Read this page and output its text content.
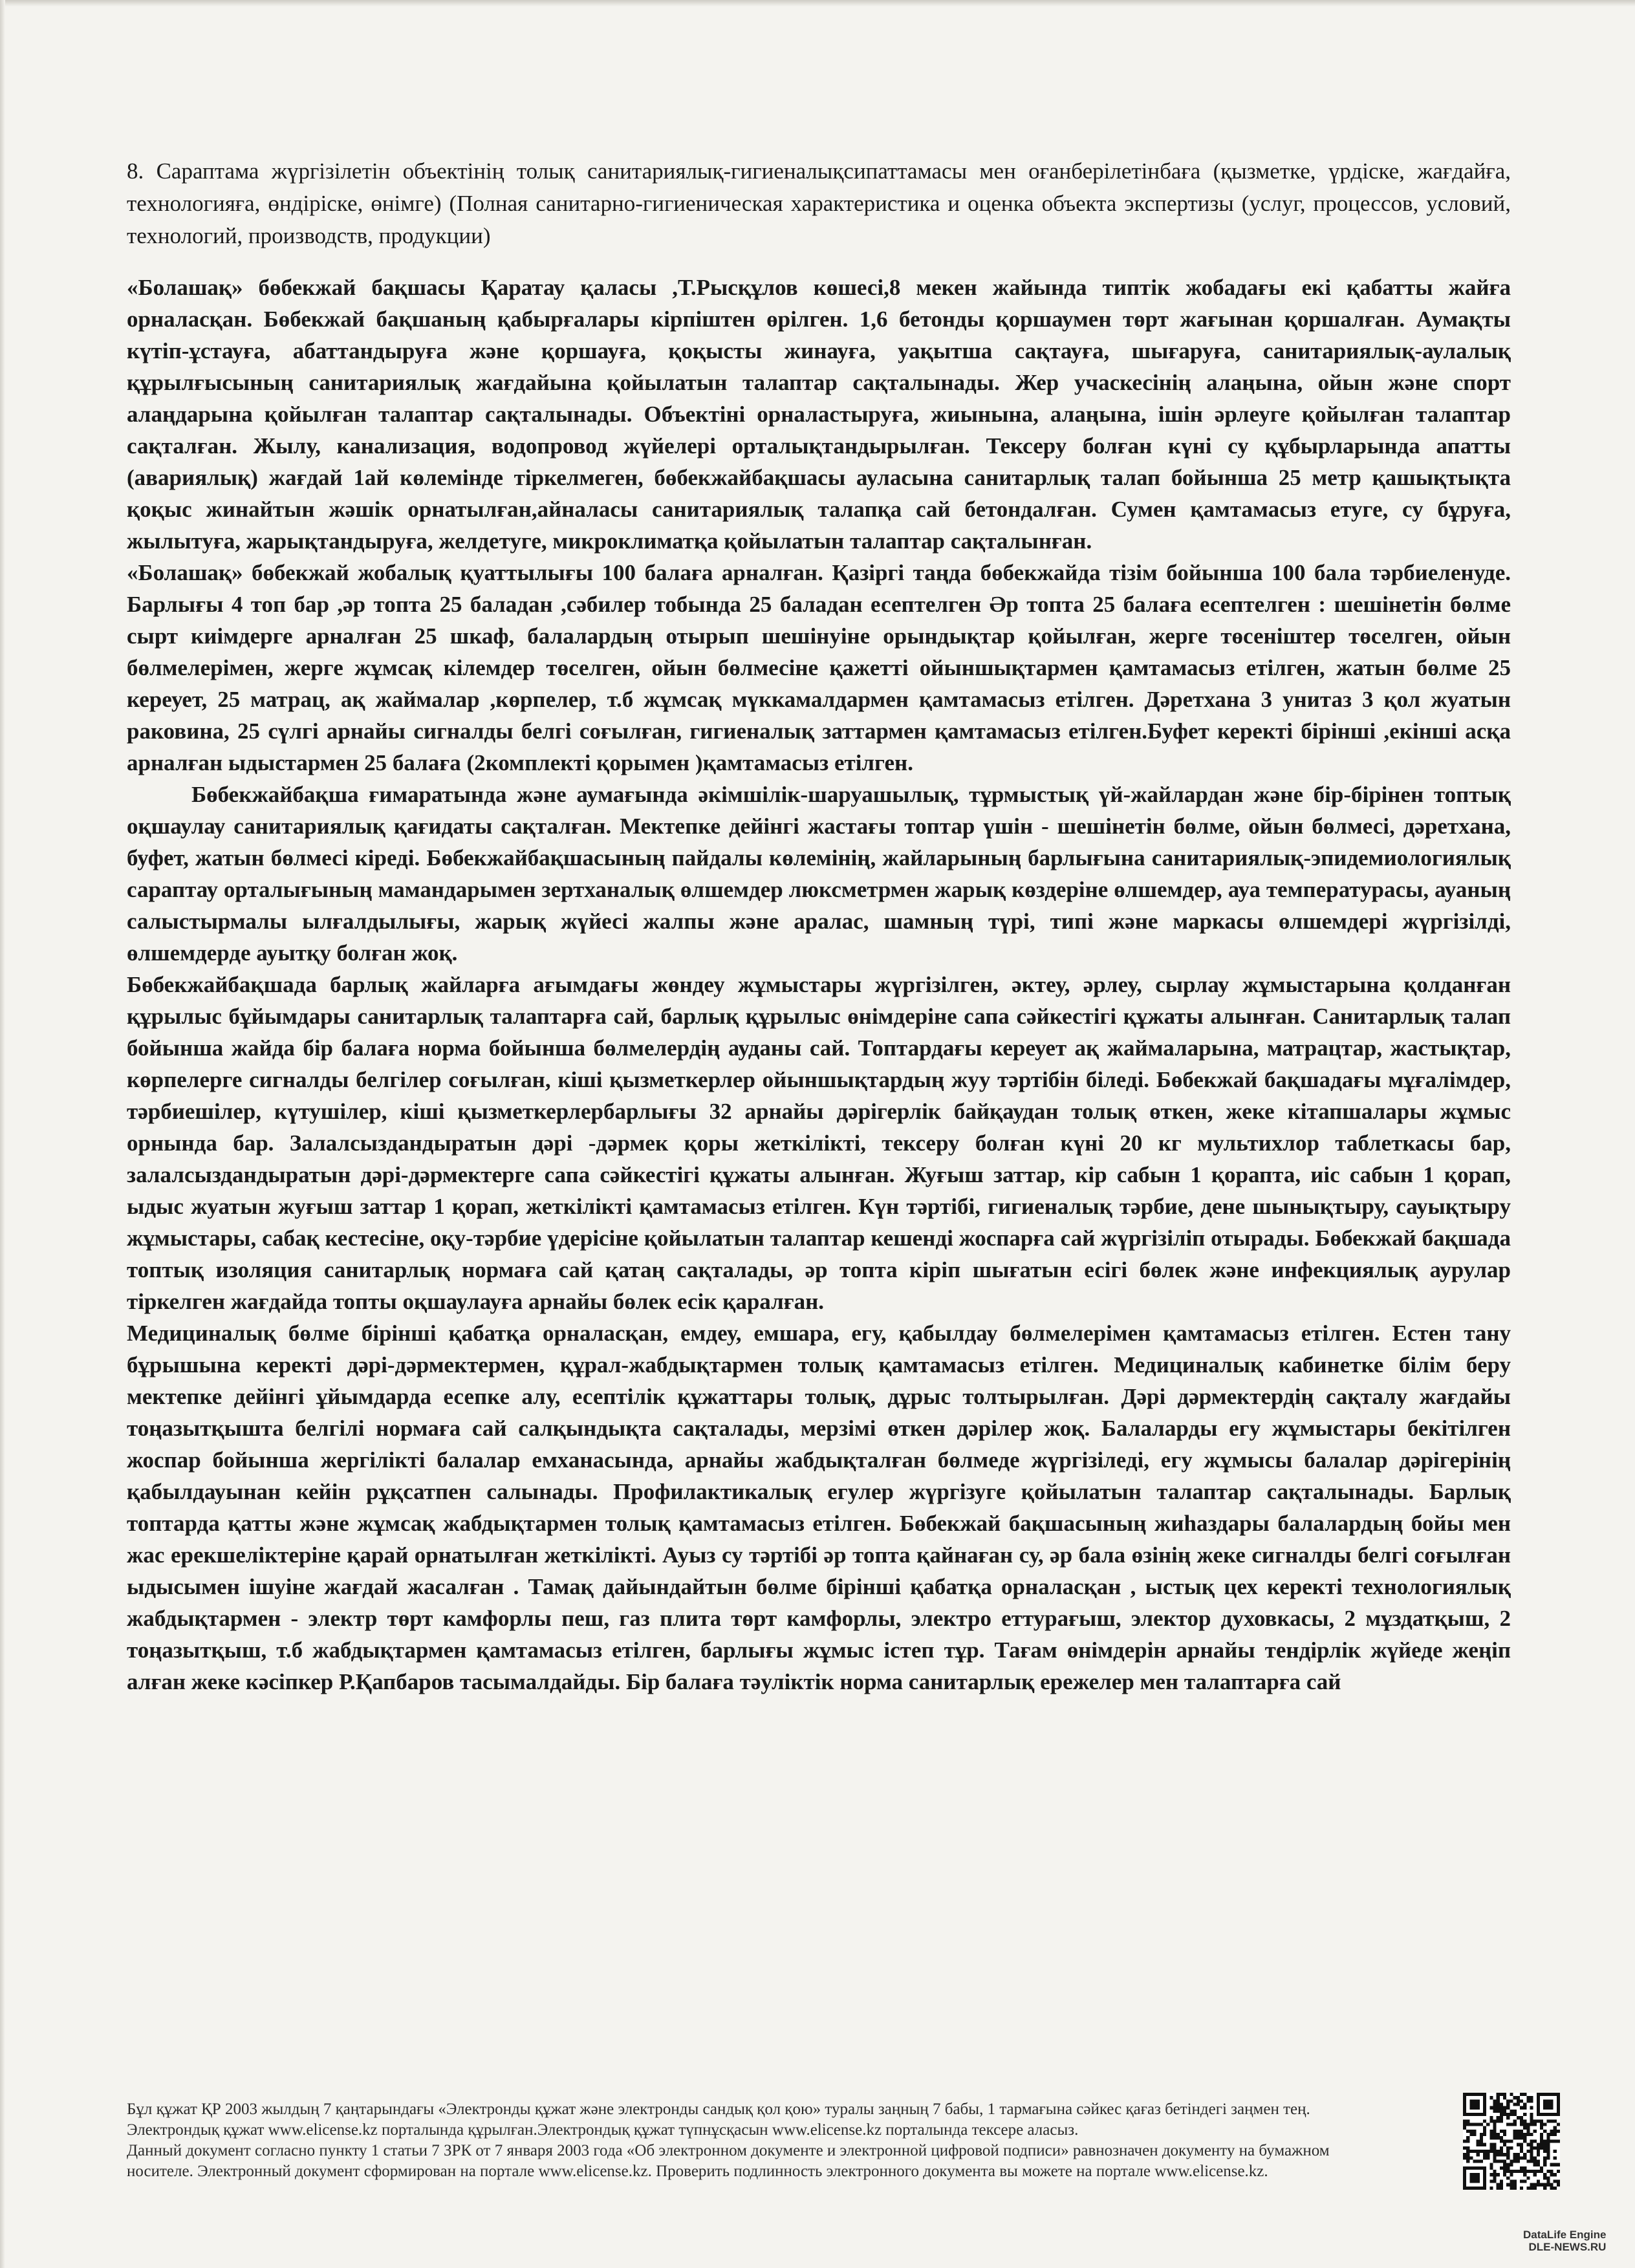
8. Сараптама жүргізілетін объектінің толық санитариялық-гигиеналықсипаттамасы мен оғанберілетінбаға (қызметке, үрдіске, жағдайға, технологияға, өндіріске, өнімге) (Полная санитарно-гигиеническая характеристика и оценка объекта экспертизы (услуг, процессов, условий, технологий, производств, продукции)

«Болашақ» бөбекжай бақшасы Қаратау қаласы ,Т.Рысқұлов көшесі,8 мекен жайында типтік жобадағы екі қабатты жайға орналасқан. Бөбекжай бақшаның қабырғалары кірпіштен өрілген. 1,6 бетонды қоршаумен төрт жағынан қоршалған. Аумақты күтіп-ұстауға, абаттандыруға және қоршауға, қоқысты жинауға, уақытша сақтауға, шығаруға, санитариялық-аулалық құрылғысының санитариялық жағдайына қойылатын талаптар сақталынады. Жер учаскесінің алаңына, ойын және спорт алаңдарына қойылған талаптар сақталынады. Объектіні орналастыруға, жиынына, алаңына, ішін әрлеуге қойылған талаптар сақталған. Жылу, канализация, водопровод жүйелері орталықтандырылған. Тексеру болған күні су құбырларында апатты (авариялық) жағдай 1ай көлемінде тіркелмеген, бөбекжайбақшасы ауласына санитарлық талап бойынша 25 метр қашықтықта қоқыс жинайтын жәшік орнатылған,айналасы санитариялық талапқа сай бетондалған. Сумен қамтамасыз етуге, су бұруға, жылытуға, жарықтандыруға, желдетуге, микроклиматқа қойылатын талаптар сақталынған.

«Болашақ» бөбекжай жобалық қуаттылығы 100 балаға арналған. Қазіргі таңда бөбекжайда тізім бойынша 100 бала тәрбиеленуде. Барлығы 4 топ бар ,әр топта 25 баладан ,сәбилер тобында 25 баладан есептелген Әр топта 25 балаға есептелген : шешінетін бөлме сырт киімдерге арналған 25 шкаф, балалардың отырып шешінуіне орындықтар қойылған, жерге төсеніштер төселген, ойын бөлмелерімен, жерге жұмсақ кілемдер төселген, ойын бөлмесіне қажетті ойыншықтармен қамтамасыз етілген, жатын бөлме 25 кереует, 25 матрац, ақ жаймалар ,көрпелер, т.б жұмсақ мүккамалдармен қамтамасыз етілген. Дәретхана 3 унитаз 3 қол жуатын раковина, 25 сүлгі арнайы сигналды белгі соғылған, гигиеналық заттармен қамтамасыз етілген.Буфет керекті бірінші ,екінші асқа арналған ыдыстармен 25 балаға (2комплекті қорымен )қамтамасыз етілген.

Бөбекжайбақша ғимаратында және аумағында әкімшілік-шаруашылық, тұрмыстық үй-жайлардан және бір-бірінен топтық оқшаулау санитариялық қағидаты сақталған. Мектепке дейінгі жастағы топтар үшін - шешінетін бөлме, ойын бөлмесі, дәретхана, буфет, жатын бөлмесі кіреді. Бөбекжайбақшасының пайдалы көлемінің, жайларының барлығына санитариялық-эпидемиологиялық сараптау орталығының мамандарымен зертханалық өлшемдер люксметрмен жарық көздеріне өлшемдер, ауа температурасы, ауаның салыстырмалы ылғалдылығы, жарық жүйесі жалпы және аралас, шамның түрі, типі және маркасы өлшемдері жүргізілді, өлшемдерде ауытқу болған жоқ.

Бөбекжайбақшада барлық жайларға ағымдағы жөндеу жұмыстары жүргізілген, әктеу, әрлеу, сырлау жұмыстарына қолданған құрылыс бұйымдары санитарлық талаптарға сай, барлық құрылыс өнімдеріне сапа сәйкестігі құжаты алынған. Санитарлық талап бойынша жайда бір балаға норма бойынша бөлмелердің ауданы сай. Топтардағы кереует ақ жаймаларына, матрацтар, жастықтар, көрпелерге сигналды белгілер соғылған, кіші қызметкерлер ойыншықтардың жуу тәртібін біледі. Бөбекжай бақшадағы мұғалімдер, тәрбиешілер, күтушілер, кіші қызметкерлербарлығы 32 арнайы дәрігерлік байқаудан толық өткен, жеке кітапшалары жұмыс орнында бар. Залалсыздандыратын дәрі -дәрмек қоры жеткілікті, тексеру болған күні 20 кг мультихлор таблеткасы бар, залалсыздандыратын дәрі-дәрмектерге сапа сәйкестігі құжаты алынған. Жуғыш заттар, кір сабын 1 қорапта, иіс сабын 1 қорап, ыдыс жуатын жуғыш заттар 1 қорап, жеткілікті қамтамасыз етілген. Күн тәртібі, гигиеналық тәрбие, дене шынықтыру, сауықтыру жұмыстары, сабақ кестесіне, оқу-тәрбие үдерісіне қойылатын талаптар кешенді жоспарға сай жүргізіліп отырады. Бөбекжай бақшада топтық изоляция санитарлық нормаға сай қатаң сақталады, әр топта кіріп шығатын есігі бөлек және инфекциялық аурулар тіркелген жағдайда топты оқшаулауға арнайы бөлек есік қаралған.

Медициналық бөлме бірінші қабатқа орналасқан, емдеу, емшара, егу, қабылдау бөлмелерімен қамтамасыз етілген. Естен тану бұрышына керекті дәрі-дәрмектермен, құрал-жабдықтармен толық қамтамасыз етілген. Медициналық кабинетке білім беру мектепке дейінгі ұйымдарда есепке алу, есептілік құжаттары толық, дұрыс толтырылған. Дәрі дәрмектердің сақталу жағдайы тоңазытқышта белгілі нормаға сай салқындықта сақталады, мерзімі өткен дәрілер жоқ. Балаларды егу жұмыстары бекітілген жоспар бойынша жергілікті балалар емханасында, арнайы жабдықталған бөлмеде жүргізіледі, егу жұмысы балалар дәрігерінің қабылдауынан кейін рұқсатпен салынады. Профилактикалық егулер жүргізуге қойылатын талаптар сақталынады. Барлық топтарда қатты және жұмсақ жабдықтармен толық қамтамасыз етілген. Бөбекжай бақшасының жиhаздары балалардың бойы мен жас ерекшеліктеріне қарай орнатылған жеткілікті. Ауыз су тәртібі әр топта қайнаған су, әр бала өзінің жеке сигналды белгі соғылған ыдысымен ішуіне жағдай жасалған . Тамақ дайындайтын бөлме бірінші қабатқа орналасқан , ыстық цех керекті технологиялық жабдықтармен - электр төрт камфорлы пеш, газ плита төрт камфорлы, электро еттурағыш, электор духовкасы, 2 мұздатқыш, 2 тоңазытқыш, т.б жабдықтармен қамтамасыз етілген, барлығы жұмыс істеп тұр. Тағам өнімдерін арнайы тендірлік жүйеде жеңіп алған жеке кәсіпкер Р.Қапбаров тасымалдайды. Бір балаға тәуліктік норма санитарлық ережелер мен талаптарға сай

Бұл құжат ҚР 2003 жылдың 7 қаңтарындағы «Электронды құжат және электронды сандық қол қою» туралы заңның 7 бабы, 1 тармағына сәйкес қағаз бетіндегі заңмен тең.

Электрондық құжат www.elicense.kz порталында құрылған.Электрондық құжат түпнұсқасын www.elicense.kz порталында тексере аласыз.

Данный документ согласно пункту 1 статьи 7 ЗРК от 7 января 2003 года «Об электронном документе и электронной цифровой подписи» равнозначен документу на бумажном

носителе. Электронный документ сформирован на портале www.elicense.kz. Проверить подлинность электронного документа вы можете на портале www.elicense.kz.

DataLife Engine
DLE-NEWS.RU
